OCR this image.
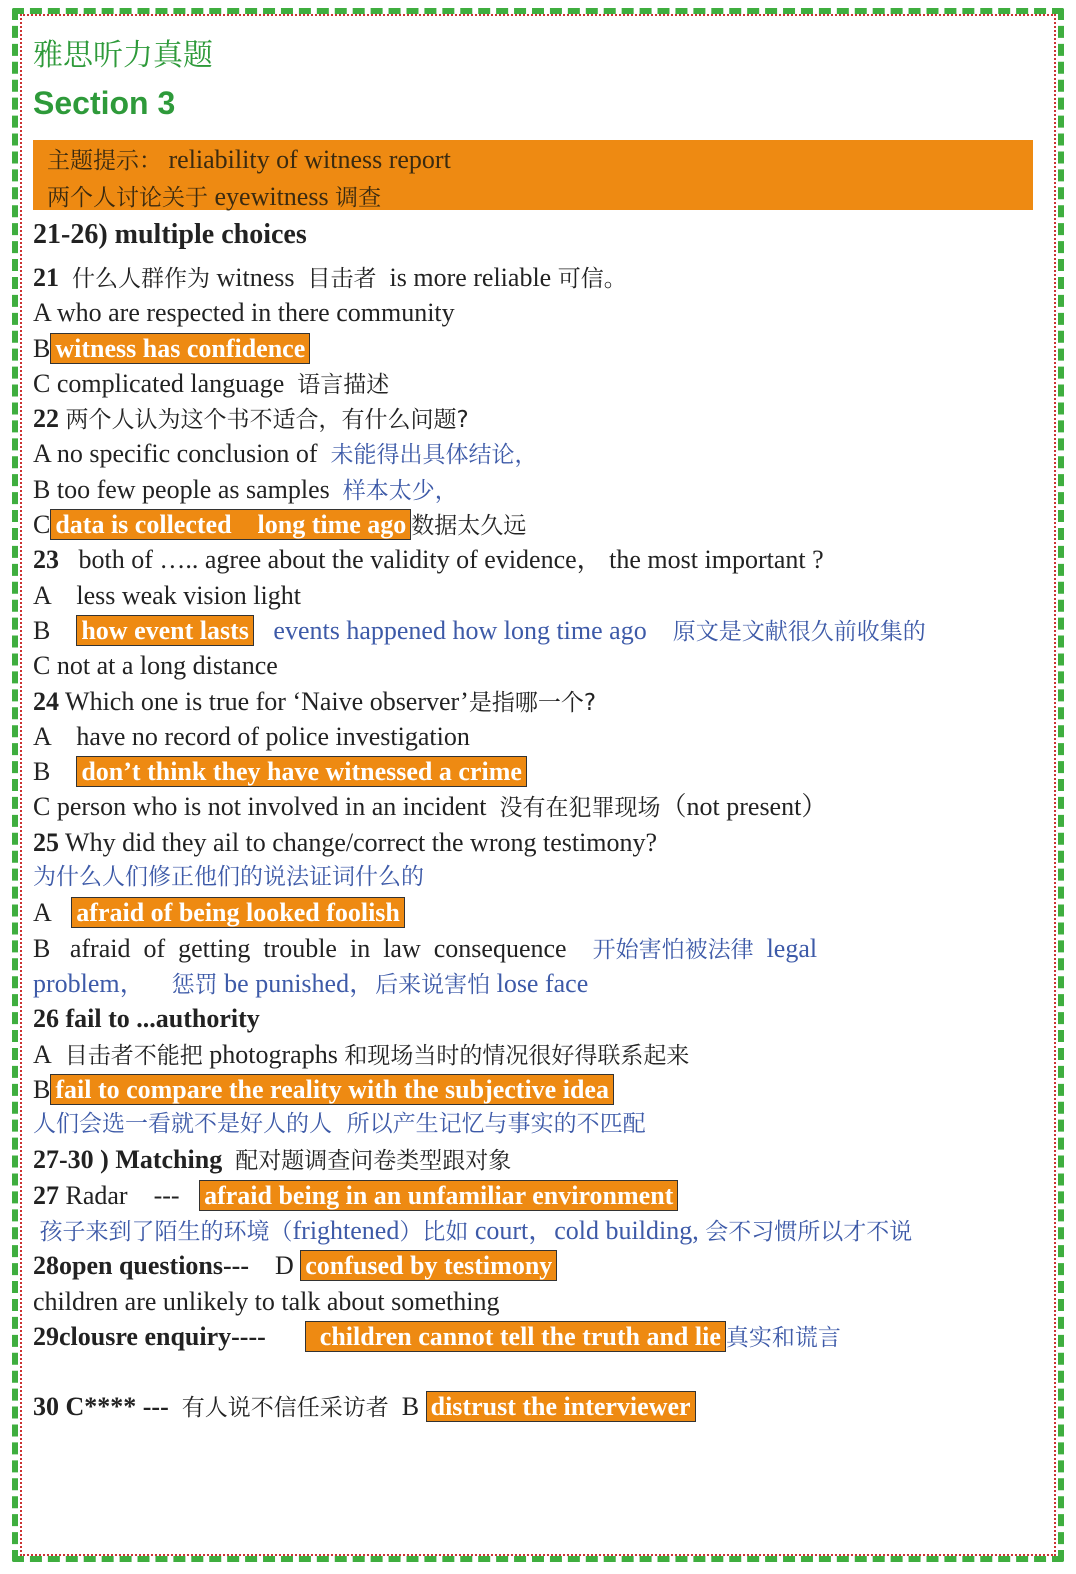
雅思听力真题
Section 3
主题提示： reliability of witness report
两个人讨论关于 eyewitness 调查
21-26) multiple choices
21 什么人群作为 witness 目击者 is more reliable 可信。
A who are respected in there community
B witness has confidence
C complicated language 语言描述
22 两个人认为这个书不适合，有什么问题?
A no specific conclusion of 未能得出具体结论，
B too few people as samples 样本太少，
C data is collected    long time ago 数据太久远
23 both of ….. agree about the validity of evidence， the most important ?
A    less weak vision light
B how event lasts events happened how long time ago 原文是文献很久前收集的
C not at a long distance
24 Which one is true for ‘Naive observer’是指哪一个?
A    have no record of police investigation
B don’t think they have witnessed a crime
C person who is not involved in an incident 没有在犯罪现场（not present）
25 Why did they ail to change/correct the wrong testimony?
为什么人们修正他们的说法证词什么的
A afraid of being looked foolish
B   afraid  of  getting  trouble  in  law  consequence 开始害怕被法律 legal
problem， 惩罚 be punished，后来说害怕 lose face
26 fail to ...authority
A 目击者不能把 photographs 和现场当时的情况很好得联系起来
B fail to compare the reality with the subjective idea
人们会选一看就不是好人的人  所以产生记忆与事实的不匹配
27-30 ) Matching 配对题调查问卷类型跟对象
27 Radar    --- afraid being in an unfamiliar environment
孩子来到了陌生的环境（frightened）比如 court，cold building, 会不习惯所以才不说
28open questions--- D confused by testimony
children are unlikely to talk about something
29clousre enquiry---- children cannot tell the truth and lie 真实和谎言
30 C**** --- 有人说不信任采访者 B distrust the interviewer
